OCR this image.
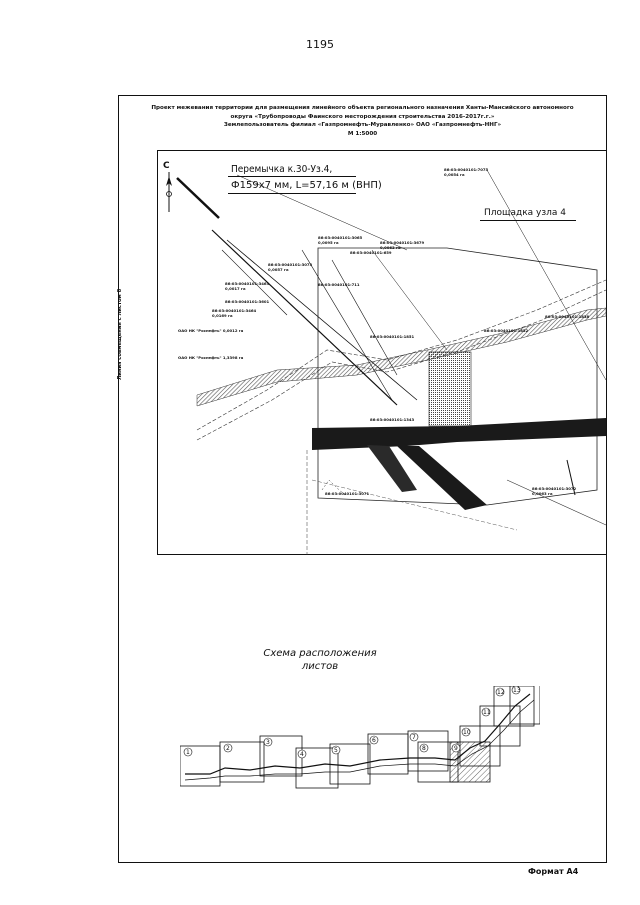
1195
Проект межевания территории для размещения линейного объекта регионального назначения Ханты-Мансийского автономного
округа «Трубопроводы Фаинского месторождения строительства 2016-2017г.г.»
Землепользователь филиал «Газпромнефть-Муравленко» ОАО «Газпромнефть-ННГ»
М 1:5000
Линия совмещения с листом 8
С	Перемычка к.30-Уз.4,
Ф159х7 мм, L=57,16 м (ВНП)
Площадка узла 4
86:03:0040101:7075
0,0054 га
86:03:0040101:3065
0,0095 га	86:03:0040101:3679
0,0063 га
86:03:0040101:659
86:03:0040101:3073
0,0057 га
86:03:0040101:3463
0,0017 га
86:03:0040101:711
86:03:0040101:3601
86:03:0040101:3464
0,0169 га	86:03:0040101:1838
86:03:0040101:1852
86:03:0040101:1851
86:03:0040101:1343
86:03:0040101:3072
0,0063 га
86:03:0040101:3071
ОАО НК "Роснефть" 0,0012 га
ОАО НК "Роснефть" 1,3398 га
Схема расположения
листов
1
2
3
4
5
6	7
8	9
10
11
12 13
Формат А4
